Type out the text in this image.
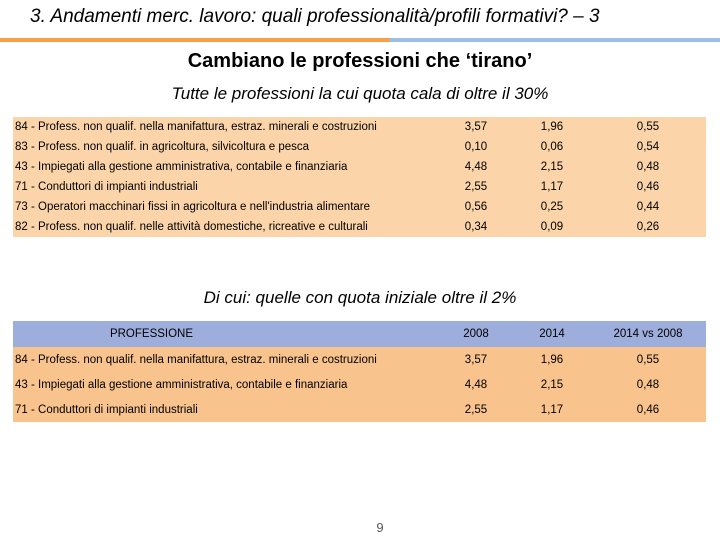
3. Andamenti merc. lavoro: quali professionalità/profili formativi? – 3
Cambiano le professioni che ‘tirano’
Tutte le professioni la cui quota cala di oltre il 30%
84 - Profess. non qualif. nella manifattura, estraz. minerali e costruzioni	3,57	1,96	0,55
83 - Profess. non qualif. in agricoltura, silvicoltura e pesca	0,10	0,06	0,54
43 - Impiegati alla gestione amministrativa, contabile e finanziaria	4,48	2,15	0,48
71 - Conduttori di impianti industriali	2,55	1,17	0,46
73 - Operatori macchinari fissi in agricoltura e nell'industria alimentare	0,56	0,25	0,44
82 - Profess. non qualif. nelle attività domestiche, ricreative e culturali	0,34	0,09	0,26
Di cui: quelle con quota iniziale oltre il 2%
PROFESSIONE	2008	2014	2014 vs 2008
84 - Profess. non qualif. nella manifattura, estraz. minerali e costruzioni	3,57	1,96	0,55
43 - Impiegati alla gestione amministrativa, contabile e finanziaria	4,48	2,15	0,48
71 - Conduttori di impianti industriali	2,55	1,17	0,46
9
